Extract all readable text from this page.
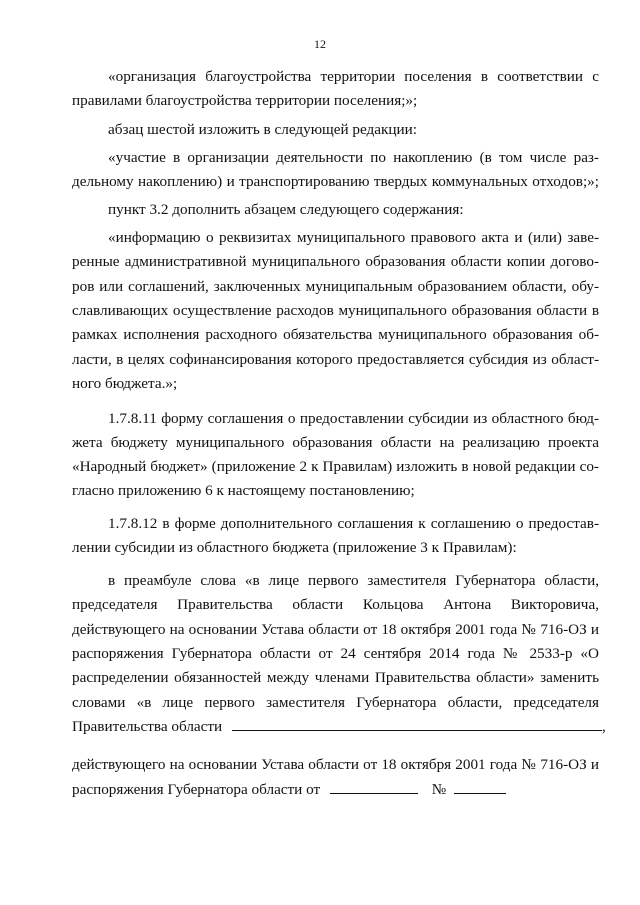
12
«организация благоустройства территории поселения в соответствии с
правилами благоустройства территории поселения;»;
абзац шестой изложить в следующей редакции:
«участие в организации деятельности по накоплению (в том числе раз-
дельному накоплению) и транспортированию твердых коммунальных отходов;»;
пункт 3.2 дополнить абзацем следующего содержания:
«информацию о реквизитах муниципального правового акта и (или) заве-
ренные административной муниципального образования области копии догово-
ров или соглашений, заключенных муниципальным образованием области, обу-
славливающих осуществление расходов муниципального образования области в
рамках исполнения расходного обязательства муниципального образования об-
ласти, в целях софинансирования которого предоставляется субсидия из област-
ного бюджета.»;
1.7.8.11 форму соглашения о предоставлении субсидии из областного бюд-
жета бюджету муниципального образования области на реализацию проекта
«Народный бюджет» (приложение 2 к Правилам) изложить в новой редакции со-
гласно приложению 6 к настоящему постановлению;
1.7.8.12 в форме дополнительного соглашения к соглашению о предостав-
лении субсидии из областного бюджета (приложение 3 к Правилам):
в преамбуле слова «в лице первого заместителя Губернатора области,
председателя Правительства области Кольцова Антона Викторовича,
действующего на основании Устава области от 18 октября 2001 года № 716-ОЗ и
распоряжения Губернатора области от 24 сентября 2014 года № 2533-р «О
распределении обязанностей между членами Правительства области» заменить
словами «в лице первого заместителя Губернатора области, председателя
Правительства области	,
действующего на основании Устава области от 18 октября 2001 года № 716-ОЗ и
распоряжения Губернатора области от	№
